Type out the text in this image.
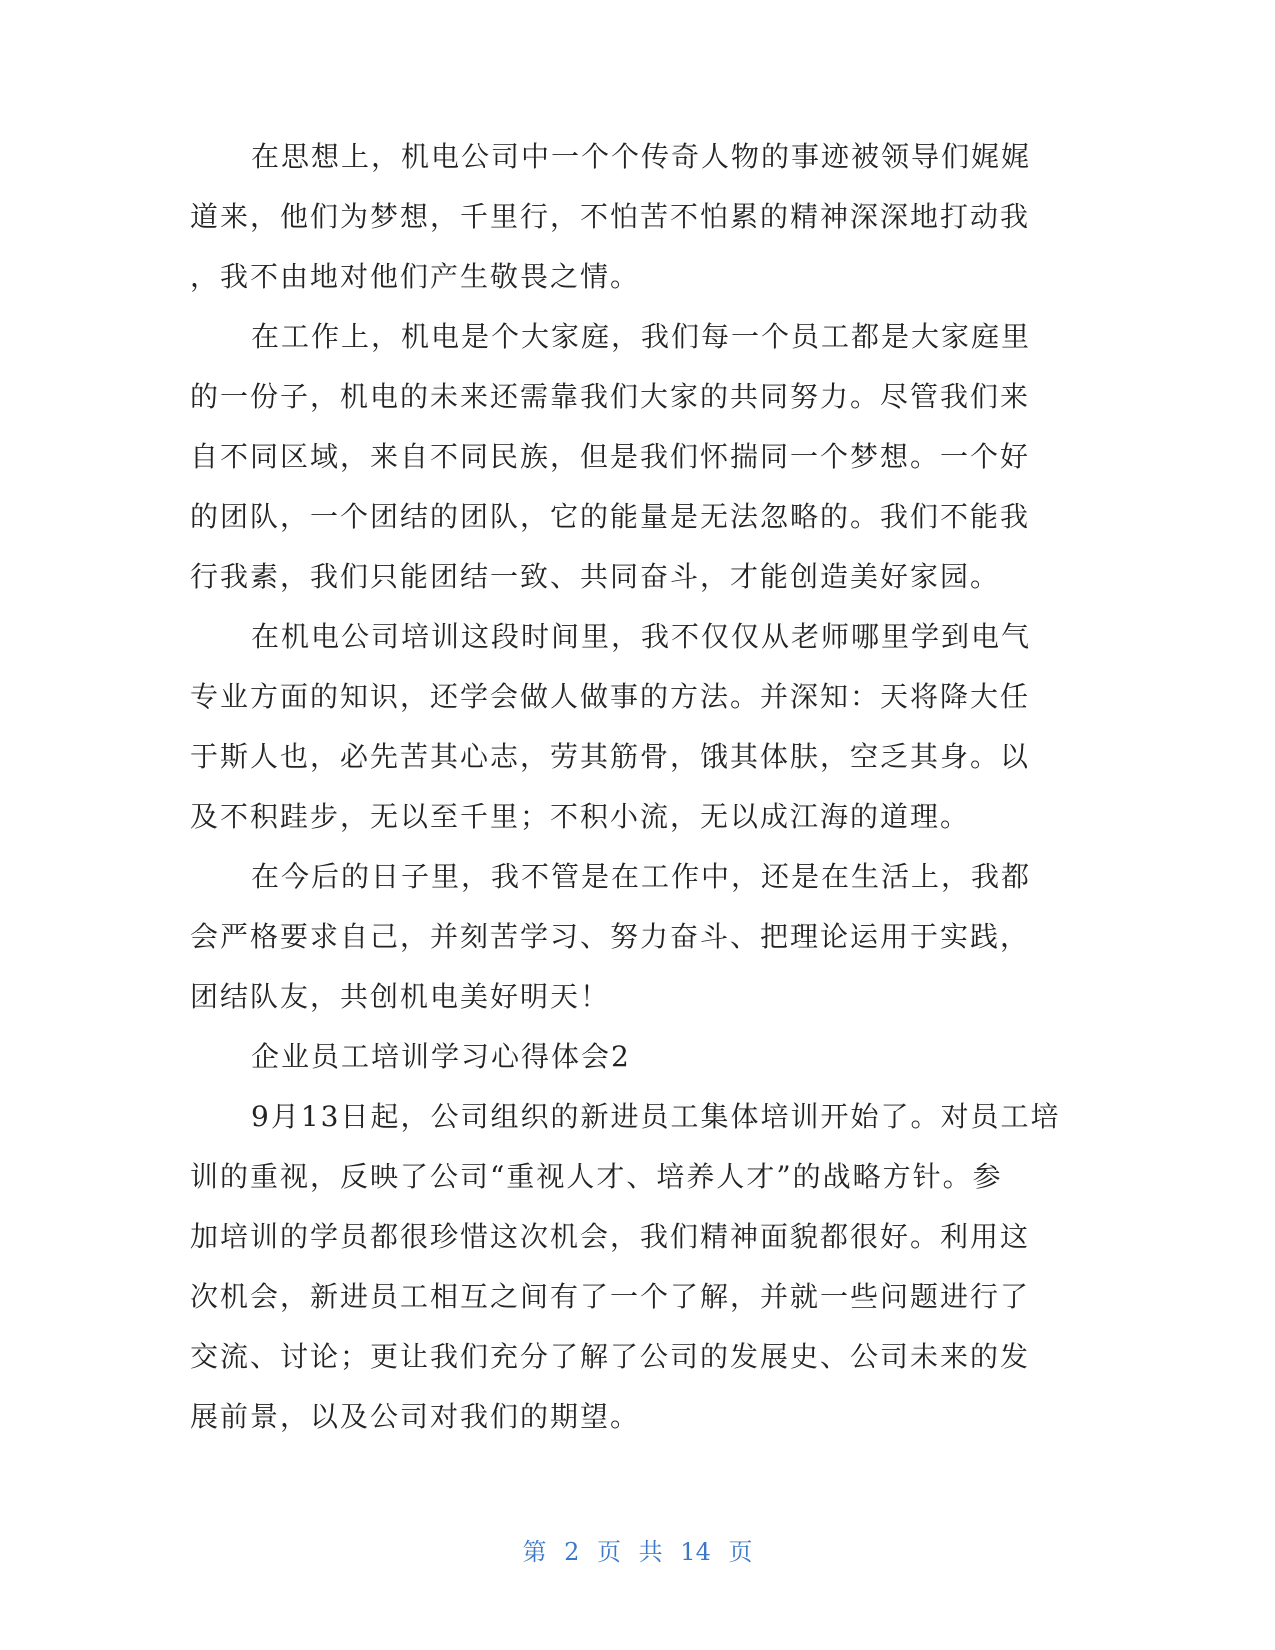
在思想上，机电公司中一个个传奇人物的事迹被领导们娓娓
道来，他们为梦想，千里行，不怕苦不怕累的精神深深地打动我
，我不由地对他们产生敬畏之情。
在工作上，机电是个大家庭，我们每一个员工都是大家庭里
的一份子，机电的未来还需靠我们大家的共同努力。尽管我们来
自不同区域，来自不同民族，但是我们怀揣同一个梦想。一个好
的团队，一个团结的团队，它的能量是无法忽略的。我们不能我
行我素，我们只能团结一致、共同奋斗，才能创造美好家园。
在机电公司培训这段时间里，我不仅仅从老师哪里学到电气
专业方面的知识，还学会做人做事的方法。并深知：天将降大任
于斯人也，必先苦其心志，劳其筋骨，饿其体肤，空乏其身。以
及不积跬步，无以至千里；不积小流，无以成江海的道理。
在今后的日子里，我不管是在工作中，还是在生活上，我都
会严格要求自己，并刻苦学习、努力奋斗、把理论运用于实践，
团结队友，共创机电美好明天！
企业员工培训学习心得体会2
9月13日起，公司组织的新进员工集体培训开始了。对员工培
训的重视，反映了公司“重视人才、培养人才”的战略方针。参
加培训的学员都很珍惜这次机会，我们精神面貌都很好。利用这
次机会，新进员工相互之间有了一个了解，并就一些问题进行了
交流、讨论；更让我们充分了解了公司的发展史、公司未来的发
展前景，以及公司对我们的期望。
第 2 页 共 14 页
